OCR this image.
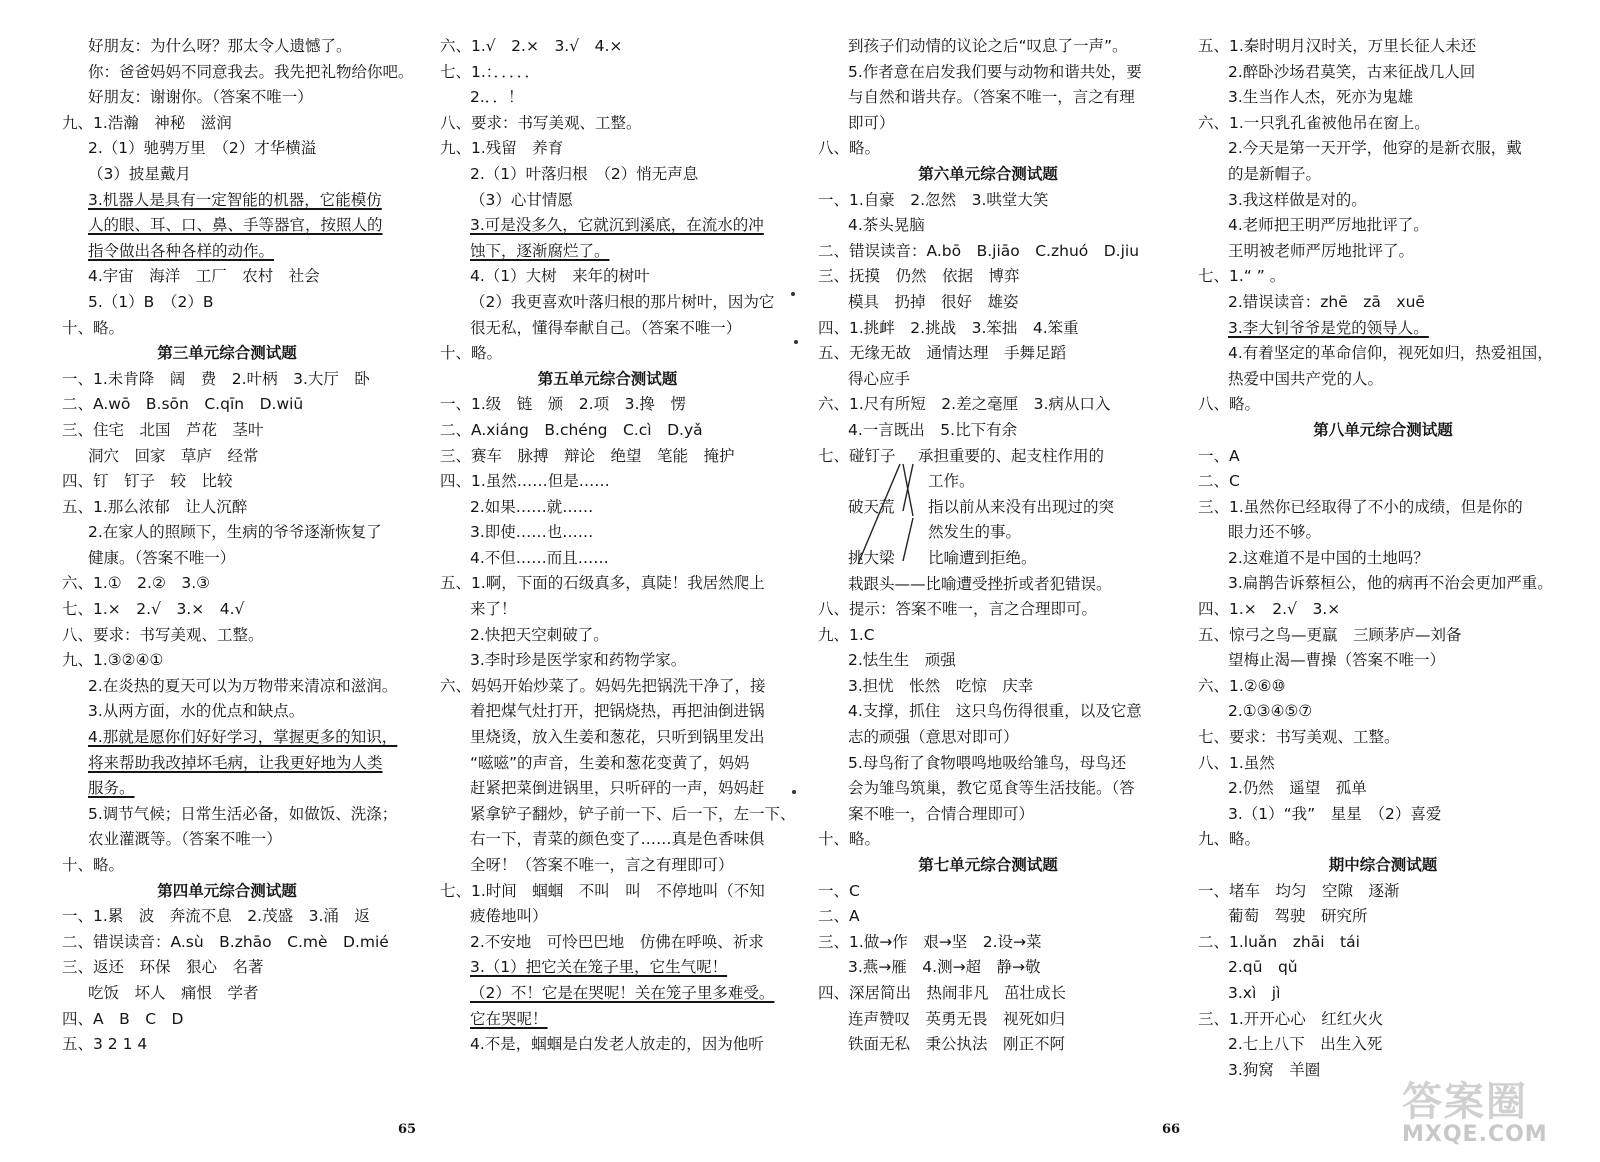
好朋友：为什么呀？那太令人遗憾了。
你：爸爸妈妈不同意我去。我先把礼物给你吧。
好朋友：谢谢你。（答案不唯一）
九、1.浩瀚　神秘　滋润
2.（1）驰骋万里　（2）才华横溢
（3）披星戴月
3.机器人是具有一定智能的机器，它能模仿
人的眼、耳、口、鼻、手等器官，按照人的
指令做出各种各样的动作。
4.宇宙　海洋　工厂　农村　社会
5.（1）B　（2）B
十、略。
第三单元综合测试题
一、1.未肯降　阔　费　2.叶柄　3.大厅　卧
二、A.wō　B.sōn　C.qīn　D.wiū
三、住宅　北国　芦花　茎叶
洞穴　回家　草庐　经常
四、钉　钉子　较　比较
五、1.那么浓郁　让人沉醉
2.在家人的照顾下，生病的爷爷逐渐恢复了
健康。（答案不唯一）
六、1.①　2.②　3.③
七、1.×　2.√　3.×　4.√
八、要求：书写美观、工整。
九、1.③②④①
2.在炎热的夏天可以为万物带来清凉和滋润。
3.从两方面，水的优点和缺点。
4.那就是愿你们好好学习，掌握更多的知识，
将来帮助我改掉坏毛病，让我更好地为人类
服务。
5.调节气候；日常生活必备，如做饭、洗涤；
农业灌溉等。（答案不唯一）
十、略。
第四单元综合测试题
一、1.累　波　奔流不息　2.茂盛　3.涌　返
二、错误读音：A.sù　B.zhāo　C.mè　D.mié
三、返还　环保　狠心　名著
吃饭　坏人　痛恨　学者
四、A　B　C　D
五、3 2 1 4
六、1.√　2.×　3.√　4.×
七、1.：．．．．．
2.．．！
八、要求：书写美观、工整。
九、1.残留　养育
2.（1）叶落归根　（2）悄无声息
（3）心甘情愿
3.可是没多久，它就沉到溪底，在流水的冲
蚀下，逐渐腐烂了。
4.（1）大树　来年的树叶
（2）我更喜欢叶落归根的那片树叶，因为它
很无私，懂得奉献自己。（答案不唯一）
十、略。
第五单元综合测试题
一、1.级　链　颁　2.项　3.搀　愣
二、A.xiáng　B.chéng　C.cì　D.yǎ
三、赛车　脉搏　辩论　绝望　笔能　掩护
四、1.虽然……但是……
2.如果……就……
3.即使……也……
4.不但……而且……
五、1.啊，下面的石级真多，真陡！我居然爬上
来了！
2.快把天空刺破了。
3.李时珍是医学家和药物学家。
六、妈妈开始炒菜了。妈妈先把锅洗干净了，接
着把煤气灶打开，把锅烧热，再把油倒进锅
里烧烫，放入生姜和葱花，只听到锅里发出
“嗞嗞”的声音，生姜和葱花变黄了，妈妈
赶紧把菜倒进锅里，只听砰的一声，妈妈赶
紧拿铲子翻炒，铲子前一下、后一下，左一下、
右一下，青菜的颜色变了……真是色香味俱
全呀！（答案不唯一，言之有理即可）
七、1.时间　蝈蝈　不叫　叫　不停地叫（不知
疲倦地叫）
2.不安地　可怜巴巴地　仿佛在呼唤、祈求
3.（1）把它关在笼子里，它生气呢！
（2）不！它是在哭呢！关在笼子里多难受。
它在哭呢！
4.不是，蝈蝈是白发老人放走的，因为他听
到孩子们动情的议论之后“叹息了一声”。
5.作者意在启发我们要与动物和谐共处，要
与自然和谐共存。（答案不唯一，言之有理
即可）
八、略。
第六单元综合测试题
一、1.自豪　2.忽然　3.哄堂大笑
4.茶头晃脑
二、错误读音：A.bō　B.jiāo　C.zhuó　D.jiu
三、抚摸　仍然　依据　博弈
模具　扔掉　很好　雄姿
四、1.挑衅　2.挑战　3.笨拙　4.笨重
五、无缘无故　通情达理　手舞足蹈
得心应手
六、1.尺有所短　2.差之毫厘　3.病从口入
4.一言既出　5.比下有余
七、碰钉子 承担重要的、起支柱作用的
工作。
破天荒 指以前从来没有出现过的突
然发生的事。
挑大梁 比喻遭到拒绝。
栽跟头——比喻遭受挫折或者犯错误。
八、提示：答案不唯一，言之合理即可。
九、1.C
2.怯生生　顽强
3.担忧　怅然　吃惊　庆幸
4.支撑，抓住　这只鸟伤得很重，以及它意
志的顽强（意思对即可）
5.母鸟衔了食物喂鸣地吸给雏鸟，母鸟还
会为雏鸟筑巢，教它觅食等生活技能。（答
案不唯一，合情合理即可）
十、略。
第七单元综合测试题
一、C
二、A
三、1.做→作　艰→坚　2.设→菜
3.燕→雁　4.测→超　静→敬
四、深居简出　热闹非凡　茁壮成长
连声赞叹　英勇无畏　视死如归
铁面无私　秉公执法　刚正不阿
五、1.秦时明月汉时关，万里长征人未还
2.醉卧沙场君莫笑，古来征战几人回
3.生当作人杰，死亦为鬼雄
六、1.一只乳孔雀被他吊在窗上。
2.今天是第一天开学，他穿的是新衣服，戴
的是新帽子。
3.我这样做是对的。
4.老师把王明严厉地批评了。
王明被老师严厉地批评了。
七、1.“ ” 。
2.错误读音：zhē　zā　xuē
3.李大钊爷爷是党的领导人。
4.有着坚定的革命信仰，视死如归，热爱祖国，
热爱中国共产党的人。
八、略。
第八单元综合测试题
一、A
二、C
三、1.虽然你已经取得了不小的成绩，但是你的
眼力还不够。
2.这难道不是中国的土地吗？
3.扁鹊告诉蔡桓公，他的病再不治会更加严重。
四、1.×　2.√　3.×
五、惊弓之鸟—更羸　三顾茅庐—刘备
望梅止渴—曹操（答案不唯一）
六、1.②⑥⑩
2.①③④⑤⑦
七、要求：书写美观、工整。
八、1.虽然
2.仍然　遥望　孤单
3.（1）“我”　星星　（2）喜爱
九、略。
期中综合测试题
一、堵车　均匀　空隙　逐渐
葡萄　驾驶　研究所
二、1.luǎn　zhāi　tái
2.qū　qǔ
3.xì　jì
三、1.开开心心　红红火火
2.七上八下　出生入死
3.狗窝　羊圈
65	66
答案圈
MXQE.COM
